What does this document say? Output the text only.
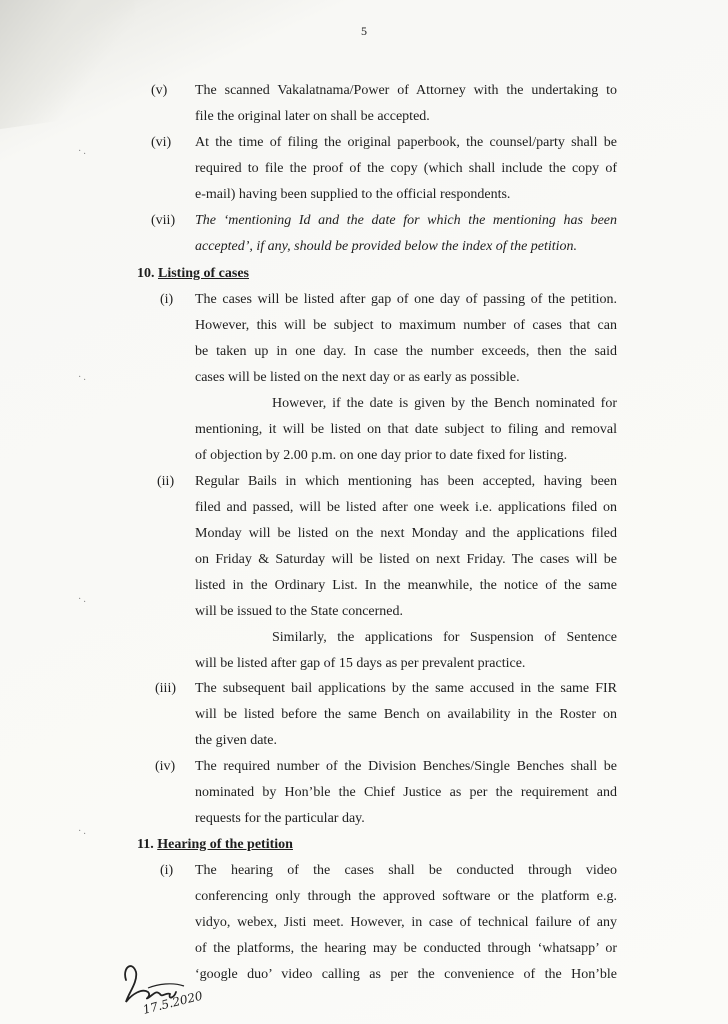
5
(v) The scanned Vakalatnama/Power of Attorney with the undertaking to
file the original later on shall be accepted.
(vi) At the time of filing the original paperbook, the counsel/party shall be
required to file the proof of the copy (which shall include the copy of
e-mail) having been supplied to the official respondents.
(vii) The ‘mentioning Id and the date for which the mentioning has been
accepted’, if any, should be provided below the index of the petition.
10. Listing of cases
(i) The cases will be listed after gap of one day of passing of the petition.
However, this will be subject to maximum number of cases that can
be taken up in one day. In case the number exceeds, then the said
cases will be listed on the next day or as early as possible.
However, if the date is given by the Bench nominated for
mentioning, it will be listed on that date subject to filing and removal
of objection by 2.00 p.m. on one day prior to date fixed for listing.
(ii) Regular Bails in which mentioning has been accepted, having been
filed and passed, will be listed after one week i.e. applications filed on
Monday will be listed on the next Monday and the applications filed
on Friday & Saturday will be listed on next Friday. The cases will be
listed in the Ordinary List. In the meanwhile, the notice of the same
will be issued to the State concerned.
Similarly, the applications for Suspension of Sentence
will be listed after gap of 15 days as per prevalent practice.
(iii) The subsequent bail applications by the same accused in the same FIR
will be listed before the same Bench on availability in the Roster on
the given date.
(iv) The required number of the Division Benches/Single Benches shall be
nominated by Hon’ble the Chief Justice as per the requirement and
requests for the particular day.
11. Hearing of the petition
(i) The hearing of the cases shall be conducted through video
conferencing only through the approved software or the platform e.g.
vidyo, webex, Jisti meet. However, in case of technical failure of any
of the platforms, the hearing may be conducted through ‘whatsapp’ or
‘google duo’ video calling as per the convenience of the Hon’ble
·.
·.
·.
·.
17.5.2020
